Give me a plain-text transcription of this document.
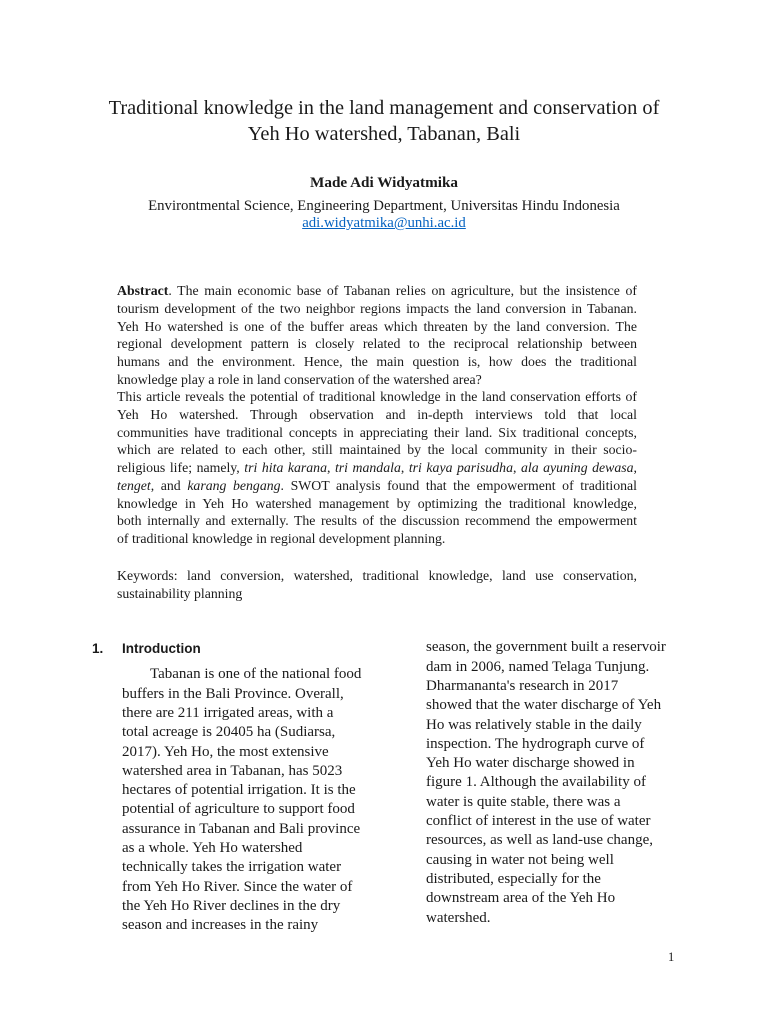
Traditional knowledge in the land management and conservation of
Yeh Ho watershed, Tabanan, Bali
Made Adi Widyatmika
Environtmental Science, Engineering Department, Universitas Hindu Indonesia
adi.widyatmika@unhi.ac.id
Abstract. The main economic base of Tabanan relies on agriculture, but the insistence of
tourism development of the two neighbor regions impacts the land conversion in Tabanan.
Yeh Ho watershed is one of the buffer areas which threaten by the land conversion. The
regional development pattern is closely related to the reciprocal relationship between
humans and the environment. Hence, the main question is, how does the traditional
knowledge play a role in land conservation of the watershed area?
This article reveals the potential of traditional knowledge in the land conservation efforts of
Yeh Ho watershed. Through observation and in-depth interviews told that local
communities have traditional concepts in appreciating their land. Six traditional concepts,
which are related to each other, still maintained by the local community in their socio-
religious life; namely, tri hita karana, tri mandala, tri kaya parisudha, ala ayuning dewasa,
tenget, and karang bengang. SWOT analysis found that the empowerment of traditional
knowledge in Yeh Ho watershed management by optimizing the traditional knowledge,
both internally and externally. The results of the discussion recommend the empowerment
of traditional knowledge in regional development planning.
Keywords: land conversion, watershed, traditional knowledge, land use conservation,
sustainability planning
1. Introduction
Tabanan is one of the national food
buffers in the Bali Province. Overall,
there are 211 irrigated areas, with a
total acreage is 20405 ha (Sudiarsa,
2017). Yeh Ho, the most extensive
watershed area in Tabanan, has 5023
hectares of potential irrigation. It is the
potential of agriculture to support food
assurance in Tabanan and Bali province
as a whole. Yeh Ho watershed
technically takes the irrigation water
from Yeh Ho River. Since the water of
the Yeh Ho River declines in the dry
season and increases in the rainy
season, the government built a reservoir
dam in 2006, named Telaga Tunjung.
Dharmananta's research in 2017
showed that the water discharge of Yeh
Ho was relatively stable in the daily
inspection. The hydrograph curve of
Yeh Ho water discharge showed in
figure 1. Although the availability of
water is quite stable, there was a
conflict of interest in the use of water
resources, as well as land-use change,
causing in water not being well
distributed, especially for the
downstream area of the Yeh Ho
watershed.
1
